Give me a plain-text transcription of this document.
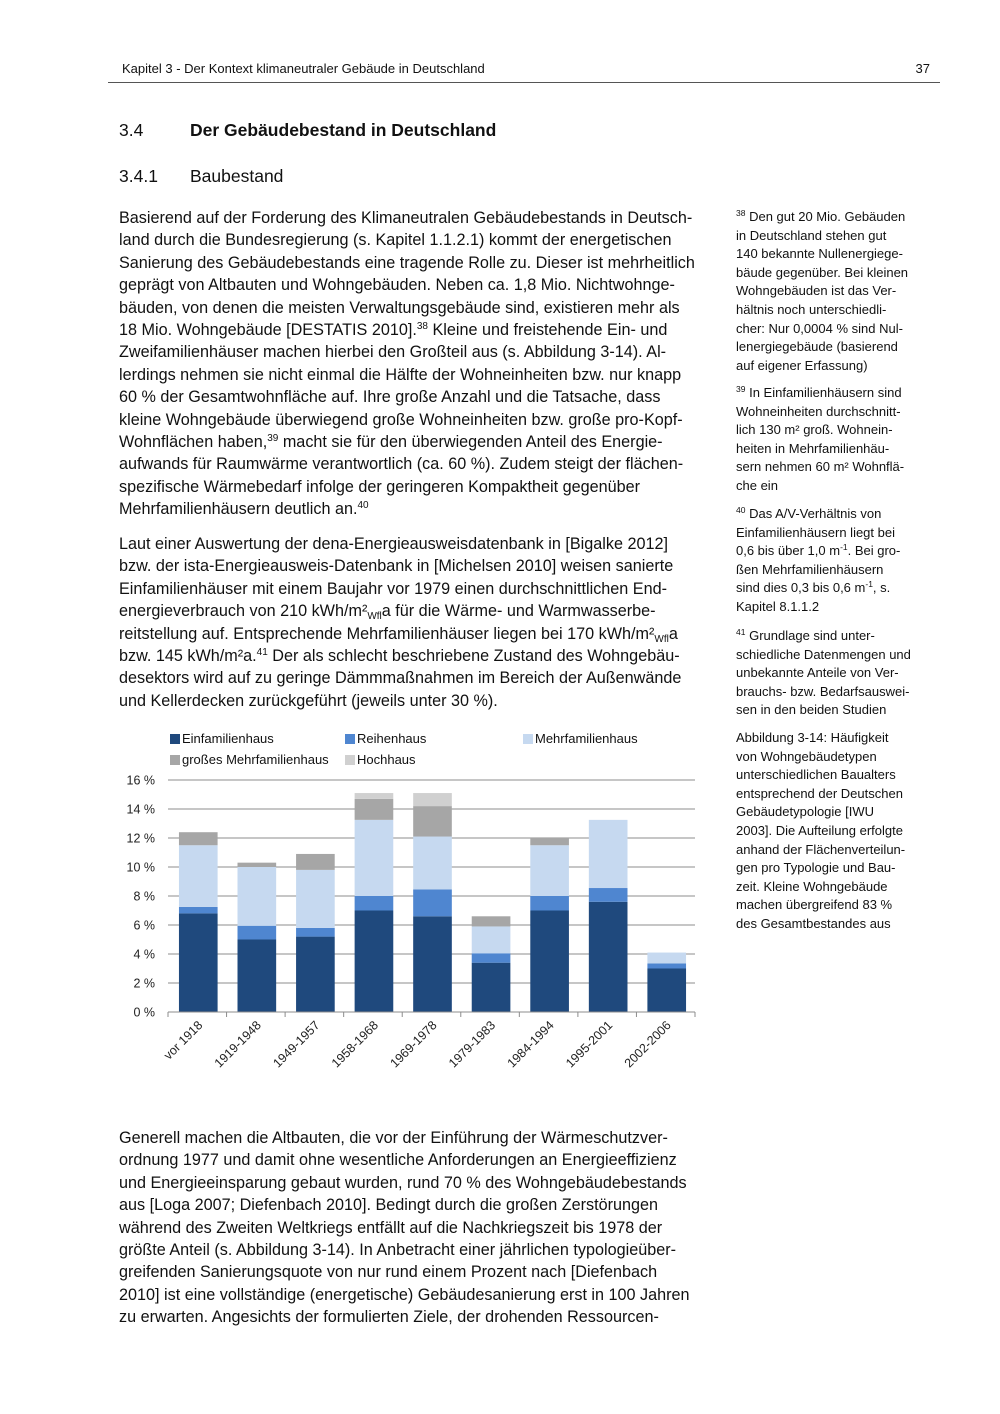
Kapitel 3 - Der Kontext klimaneutraler Gebäude in Deutschland	37
3.4	Der Gebäudebestand in Deutschland
3.4.1 Baubestand
Basierend auf der Forderung des Klimaneutralen Gebäudebestands in Deutsch-
land durch die Bundesregierung (s. Kapitel 1.1.2.1) kommt der energetischen
Sanierung des Gebäudebestands eine tragende Rolle zu. Dieser ist mehrheitlich
geprägt von Altbauten und Wohngebäuden. Neben ca. 1,8 Mio. Nichtwohnge-
bäuden, von denen die meisten Verwaltungsgebäude sind, existieren mehr als
18 Mio. Wohngebäude [DESTATIS 2010].$^{38}$ Kleine und freistehende Ein- und
Zweifamilienhäuser machen hierbei den Großteil aus (s. Abbildung 3-14). Al-
lerdings nehmen sie nicht einmal die Hälfte der Wohneinheiten bzw. nur knapp
60 % der Gesamtwohnfläche auf. Ihre große Anzahl und die Tatsache, dass
kleine Wohngebäude überwiegend große Wohneinheiten bzw. große pro-Kopf-
Wohnflächen haben,$^{39}$ macht sie für den überwiegenden Anteil des Energie-
aufwands für Raumwärme verantwortlich (ca. 60 %). Zudem steigt der flächen-
spezifische Wärmebedarf infolge der geringeren Kompaktheit gegenüber
Mehrfamilienhäusern deutlich an.$^{40}$
Laut einer Auswertung der dena-Energieausweisdatenbank in [Bigalke 2012]
bzw. der ista-Energieausweis-Datenbank in [Michelsen 2010] weisen sanierte
Einfamilienhäuser mit einem Baujahr vor 1979 einen durchschnittlichen End-
energieverbrauch von 210 kWh/$m^2_{Wfl}a$ für die Wärme- und Warmwasserbe-
reitstellung auf. Entsprechende Mehrfamilienhäuser liegen bei 170 kWh/$m^2_{Wfl}a$
bzw. 145 kWh/m²a.$^{41}$ Der als schlecht beschriebene Zustand des Wohngebäu-
desektors wird auf zu geringe Dämmmaßnahmen im Bereich der Außenwände
und Kellerdecken zurückgeführt (jeweils unter 30 %).
Generell machen die Altbauten, die vor der Einführung der Wärmeschutzver-
ordnung 1977 und damit ohne wesentliche Anforderungen an Energieeffizienz
und Energieeinsparung gebaut wurden, rund 70 % des Wohngebäudebestands
aus [Loga 2007; Diefenbach 2010]. Bedingt durch die großen Zerstörungen
während des Zweiten Weltkriegs entfällt auf die Nachkriegszeit bis 1978 der
größte Anteil (s. Abbildung 3-14). In Anbetracht einer jährlichen typologieüber-
greifenden Sanierungsquote von nur rund einem Prozent nach [Diefenbach
2010] ist eine vollständige (energetische) Gebäudesanierung erst in 100 Jahren
zu erwarten. Angesichts der formulierten Ziele, der drohenden Ressourcen-
$^{38}$ Den gut 20 Mio. Gebäuden
in Deutschland stehen gut
140 bekannte Nullenergiege-
bäude gegenüber. Bei kleinen
Wohngebäuden ist das Ver-
hältnis noch unterschiedli-
cher: Nur 0,0004 % sind Nul-
lenergiegebäude (basierend
auf eigener Erfassung)
$^{39}$ In Einfamilienhäusern sind
Wohneinheiten durchschnitt-
lich 130 m² groß. Wohnein-
heiten in Mehrfamilienhäu-
sern nehmen 60 m² Wohnflä-
che ein
$^{40}$ Das A/V-Verhältnis von
Einfamilienhäusern liegt bei
0,6 bis über 1,0 $m^{-1}$. Bei gro-
ßen Mehrfamilienhäusern
sind dies 0,3 bis 0,6 $m^{-1}$, s.
Kapitel 8.1.1.2
$^{41}$ Grundlage sind unter-
schiedliche Datenmengen und
unbekannte Anteile von Ver-
brauchs- bzw. Bedarfsauswei-
sen in den beiden Studien
Abbildung 3-14: Häufigkeit
von Wohngebäudetypen
unterschiedlichen Baualters
entsprechend der Deutschen
Gebäudetypologie [IWU
2003]. Die Aufteilung erfolgte
anhand der Flächenverteilun-
gen pro Typologie und Bau-
zeit. Kleine Wohngebäude
machen übergreifend 83 %
des Gesamtbestandes aus
Einfamilienhaus	Reihenhaus	Mehrfamilienhaus
großes Mehrfamilienhaus Hochhaus
0 %
2 %
4 %
6 %
8 %
10 %
12 %
14 %
16 %
vor 1918 1919-1948 1949-1957 1958-1968 1969-1978 1979-1983 1984-1994 1995-2001 2002-2006
